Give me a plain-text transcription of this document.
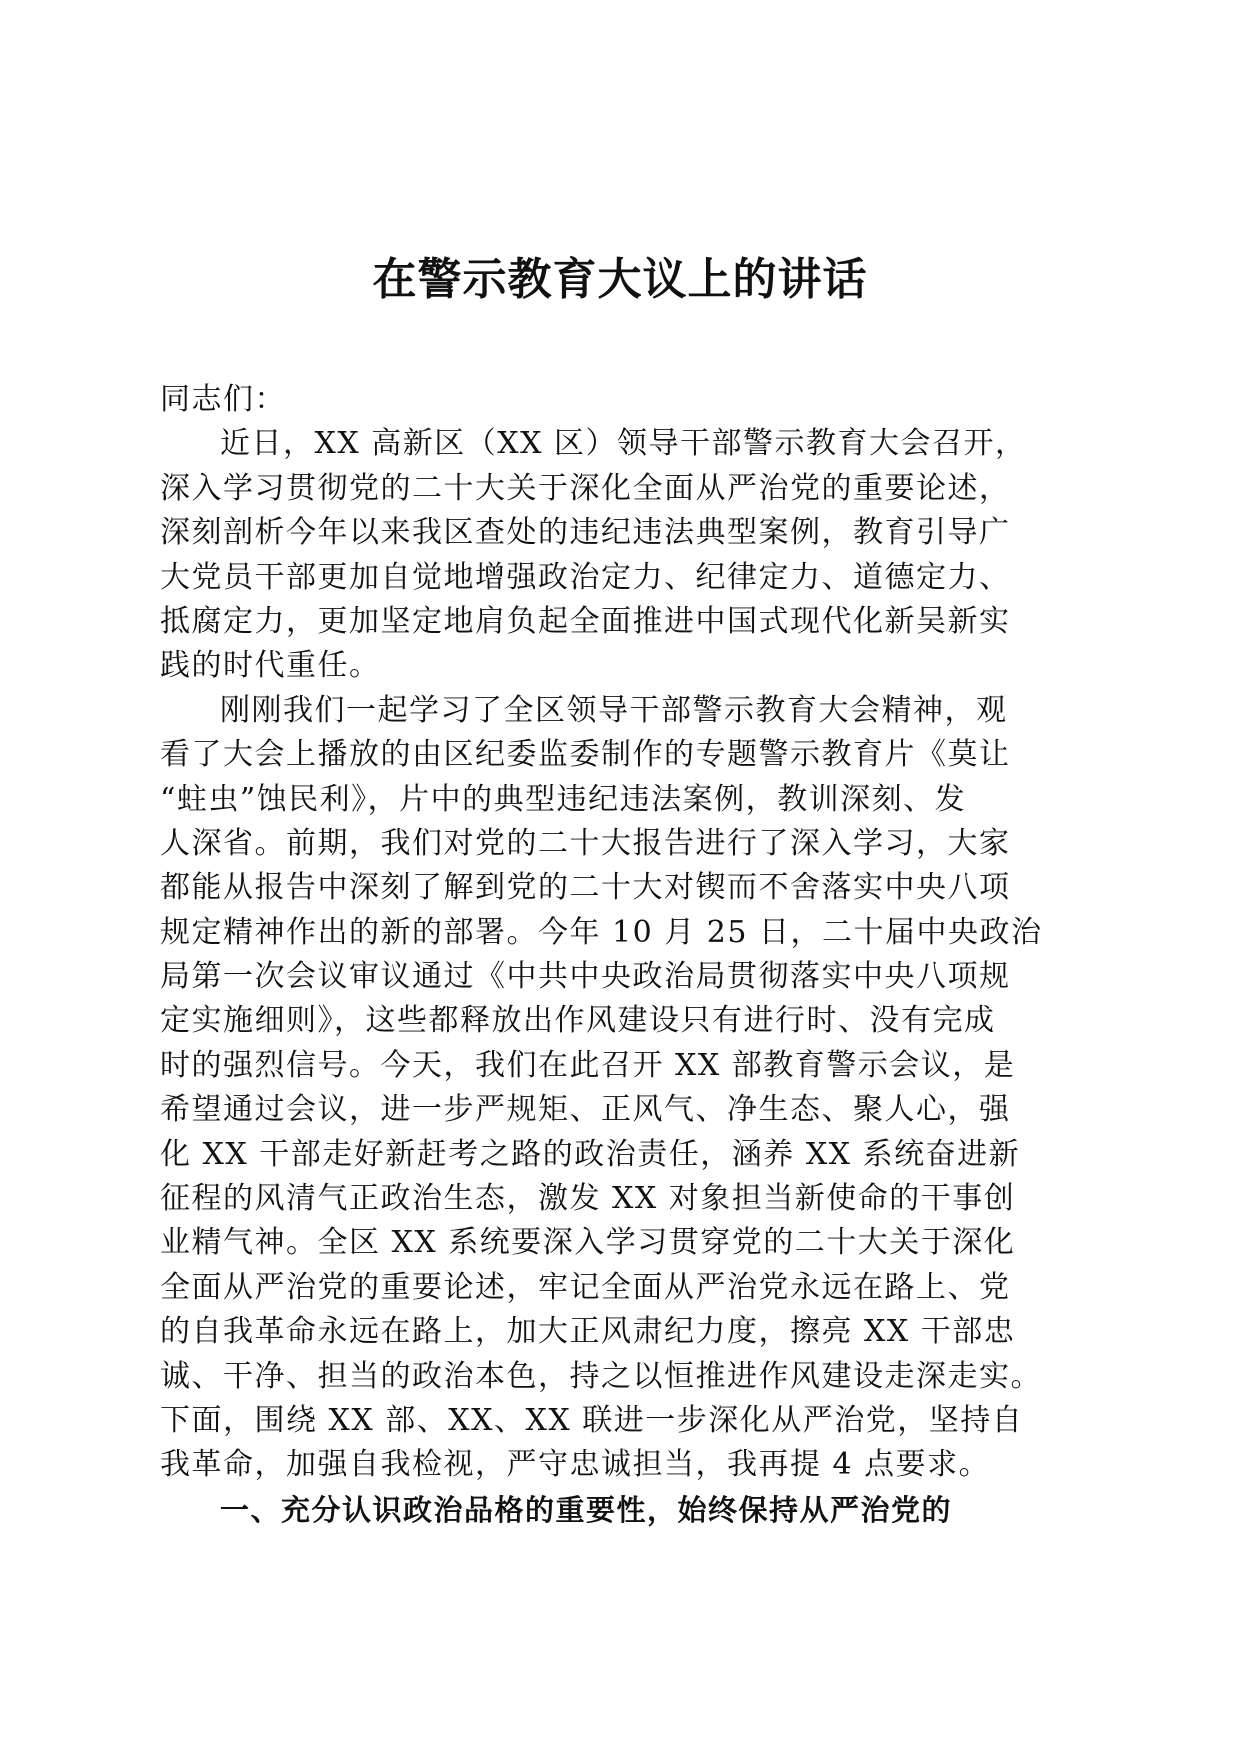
在警示教育大议上的讲话
同志们：
近日，XX 高新区（XX 区）领导干部警示教育大会召开，
深入学习贯彻党的二十大关于深化全面从严治党的重要论述，
深刻剖析今年以来我区查处的违纪违法典型案例，教育引导广
大党员干部更加自觉地增强政治定力、纪律定力、道德定力、
抵腐定力，更加坚定地肩负起全面推进中国式现代化新吴新实
践的时代重任。
刚刚我们一起学习了全区领导干部警示教育大会精神，观
看了大会上播放的由区纪委监委制作的专题警示教育片《莫让
“蛀虫”蚀民利》，片中的典型违纪违法案例，教训深刻、发
人深省。前期，我们对党的二十大报告进行了深入学习，大家
都能从报告中深刻了解到党的二十大对锲而不舍落实中央八项
规定精神作出的新的部署。今年 10 月 25 日，二十届中央政治
局第一次会议审议通过《中共中央政治局贯彻落实中央八项规
定实施细则》，这些都释放出作风建设只有进行时、没有完成
时的强烈信号。今天，我们在此召开 XX 部教育警示会议，是
希望通过会议，进一步严规矩、正风气、净生态、聚人心，强
化 XX 干部走好新赶考之路的政治责任，涵养 XX 系统奋进新
征程的风清气正政治生态，激发 XX 对象担当新使命的干事创
业精气神。全区 XX 系统要深入学习贯穿党的二十大关于深化
全面从严治党的重要论述，牢记全面从严治党永远在路上、党
的自我革命永远在路上，加大正风肃纪力度，擦亮 XX 干部忠
诚、干净、担当的政治本色，持之以恒推进作风建设走深走实。
下面，围绕 XX 部、XX、XX 联进一步深化从严治党，坚持自
我革命，加强自我检视，严守忠诚担当，我再提 4 点要求。
一、充分认识政治品格的重要性，始终保持从严治党的
